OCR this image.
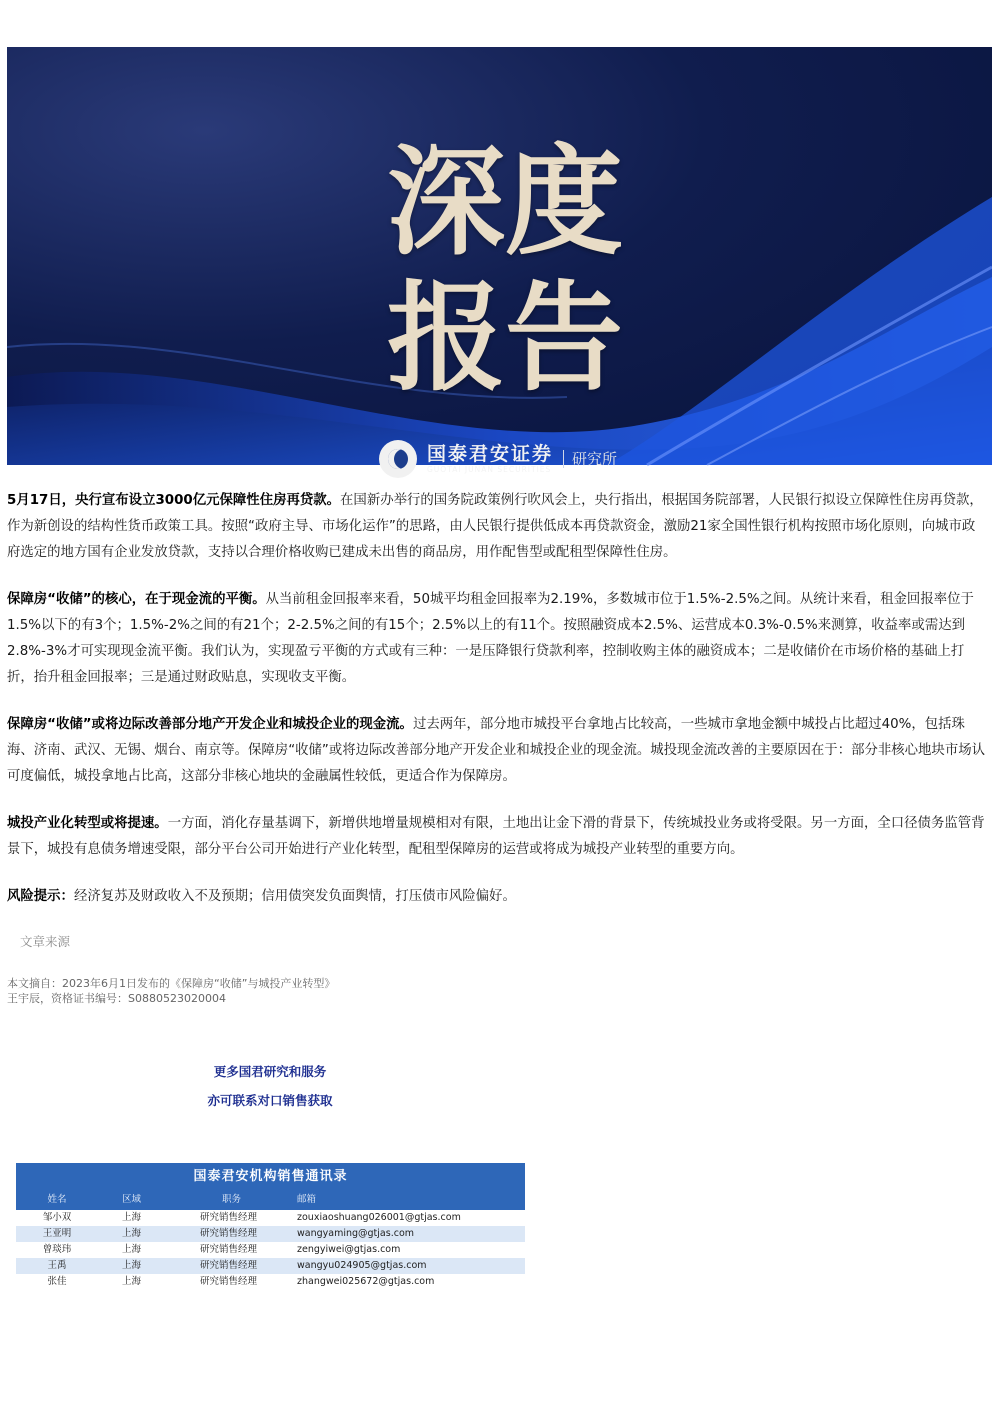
深度
报告
国泰君安证券
GUOTAI JUNAN SECURITIES
研究所

5月17日，央行宣布设立3000亿元保障性住房再贷款。在国新办举行的国务院政策例行吹风会上，央行指出，根据国务院部署，人民银行拟设立保障性住房再贷款，作为新创设的结构性货币政策工具。按照“政府主导、市场化运作”的思路，由人民银行提供低成本再贷款资金，激励21家全国性银行机构按照市场化原则，向城市政府选定的地方国有企业发放贷款，支持以合理价格收购已建成未出售的商品房，用作配售型或配租型保障性住房。

保障房“收储”的核心，在于现金流的平衡。从当前租金回报率来看，50城平均租金回报率为2.19%，多数城市位于1.5%-2.5%之间。从统计来看，租金回报率位于1.5%以下的有3个；1.5%-2%之间的有21个；2-2.5%之间的有15个；2.5%以上的有11个。按照融资成本2.5%、运营成本0.3%-0.5%来测算，收益率或需达到2.8%-3%才可实现现金流平衡。我们认为，实现盈亏平衡的方式或有三种：一是压降银行贷款利率，控制收购主体的融资成本；二是收储价在市场价格的基础上打折，抬升租金回报率；三是通过财政贴息，实现收支平衡。

保障房“收储”或将边际改善部分地产开发企业和城投企业的现金流。过去两年，部分地市城投平台拿地占比较高，一些城市拿地金额中城投占比超过40%，包括珠海、济南、武汉、无锡、烟台、南京等。保障房“收储”或将边际改善部分地产开发企业和城投企业的现金流。城投现金流改善的主要原因在于：部分非核心地块市场认可度偏低，城投拿地占比高，这部分非核心地块的金融属性较低，更适合作为保障房。

城投产业化转型或将提速。一方面，消化存量基调下，新增供地增量规模相对有限，土地出让金下滑的背景下，传统城投业务或将受限。另一方面，全口径债务监管背景下，城投有息债务增速受限，部分平台公司开始进行产业化转型，配租型保障房的运营或将成为城投产业转型的重要方向。

风险提示：经济复苏及财政收入不及预期；信用债突发负面舆情，打压债市风险偏好。

文章来源
本文摘自：2023年6月1日发布的《保障房“收储”与城投产业转型》
王宇辰，资格证书编号：S0880523020004
更多国君研究和服务
亦可联系对口销售获取
国泰君安机构销售通讯录
姓名	区域	职务	邮箱
邹小双	上海	研究销售经理	zouxiaoshuang026001@gtjas.com
王亚明	上海	研究销售经理	wangyaming@gtjas.com
曾琰玮	上海	研究销售经理	zengyiwei@gtjas.com
王禹	上海	研究销售经理	wangyu024905@gtjas.com
张佳	上海	研究销售经理	zhangwei025672@gtjas.com
